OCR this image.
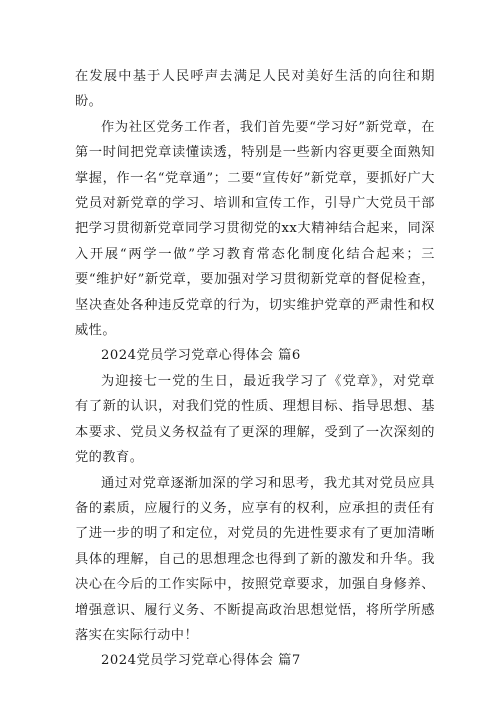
在发展中基于人民呼声去满足人民对美好生活的向往和期盼。

作为社区党务工作者，我们首先要“学习好”新党章，在第一时间把党章读懂读透，特别是一些新内容更要全面熟知掌握，作一名“党章通”；二要“宣传好”新党章，要抓好广大党员对新党章的学习、培训和宣传工作，引导广大党员干部把学习贯彻新党章同学习贯彻党的xx大精神结合起来，同深入开展“两学一做”学习教育常态化制度化结合起来；三要“维护好”新党章，要加强对学习贯彻新党章的督促检查，坚决查处各种违反党章的行为，切实维护党章的严肃性和权威性。

2024党员学习党章心得体会 篇6

为迎接七一党的生日，最近我学习了《党章》，对党章有了新的认识，对我们党的性质、理想目标、指导思想、基本要求、党员义务权益有了更深的理解，受到了一次深刻的党的教育。

通过对党章逐渐加深的学习和思考，我尤其对党员应具备的素质，应履行的义务，应享有的权利，应承担的责任有了进一步的明了和定位，对党员的先进性要求有了更加清晰具体的理解，自己的思想理念也得到了新的激发和升华。我决心在今后的工作实际中，按照党章要求，加强自身修养、增强意识、履行义务、不断提高政治思想觉悟，将所学所感落实在实际行动中！

2024党员学习党章心得体会 篇7
